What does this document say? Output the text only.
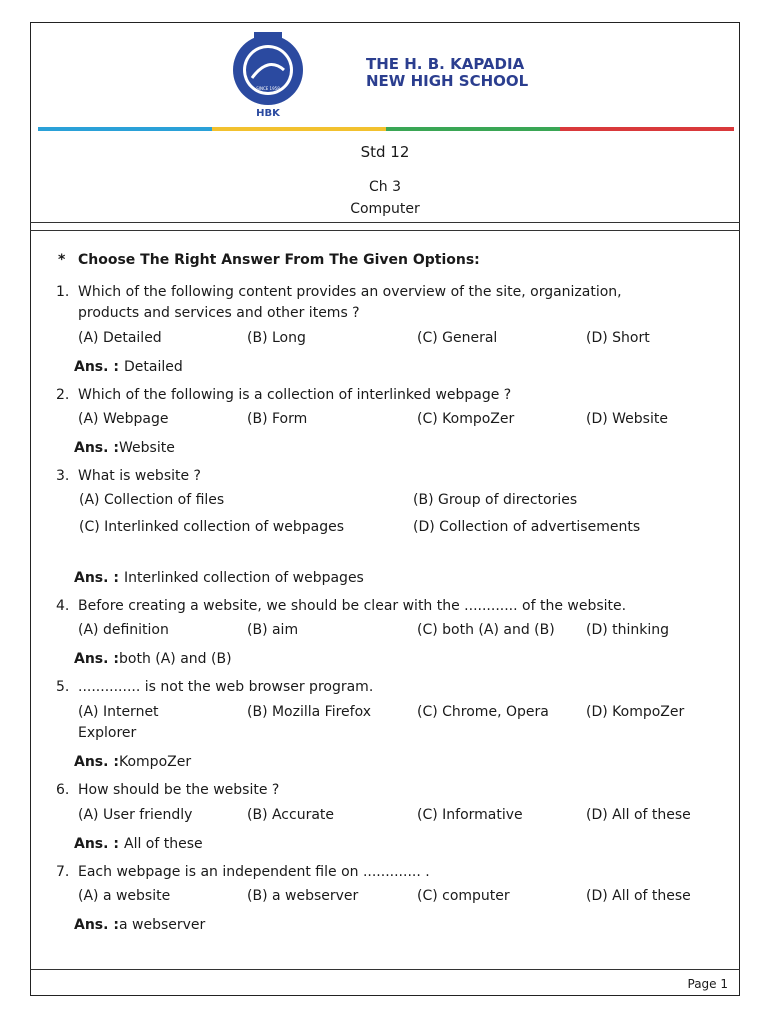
HBK
SINCE 1958
THE H. B. KAPADIA
NEW HIGH SCHOOL
Std 12
Ch 3
Computer
* Choose The Right Answer From The Given Options:
1. Which of the following content provides an overview of the site, organization,
products and services and other items ?
(A) Detailed	(B) Long	(C) General	(D) Short
Ans. : Detailed
2. Which of the following is a collection of interlinked webpage ?
(A) Webpage	(B) Form	(C) KompoZer	(D) Website
Ans. : Website
3. What is website ?
(A) Collection of files	(B) Group of directories
(C) Interlinked collection of webpages	(D) Collection of advertisements
Ans. : Interlinked collection of webpages
4. Before creating a website, we should be clear with the ............ of the website.
(A) definition	(B) aim	(C) both (A) and (B) (D) thinking
Ans. : both (A) and (B)
5. .............. is not the web browser program.
(A) Internet	(B) Mozilla Firefox	(C) Chrome, Opera	(D) KompoZer
Explorer
Ans. : KompoZer
6. How should be the website ?
(A) User friendly	(B) Accurate	(C) Informative	(D) All of these
Ans. : All of these
7. Each webpage is an independent file on ............. .
(A) a website	(B) a webserver	(C) computer	(D) All of these
Ans. : a webserver
Page 1
